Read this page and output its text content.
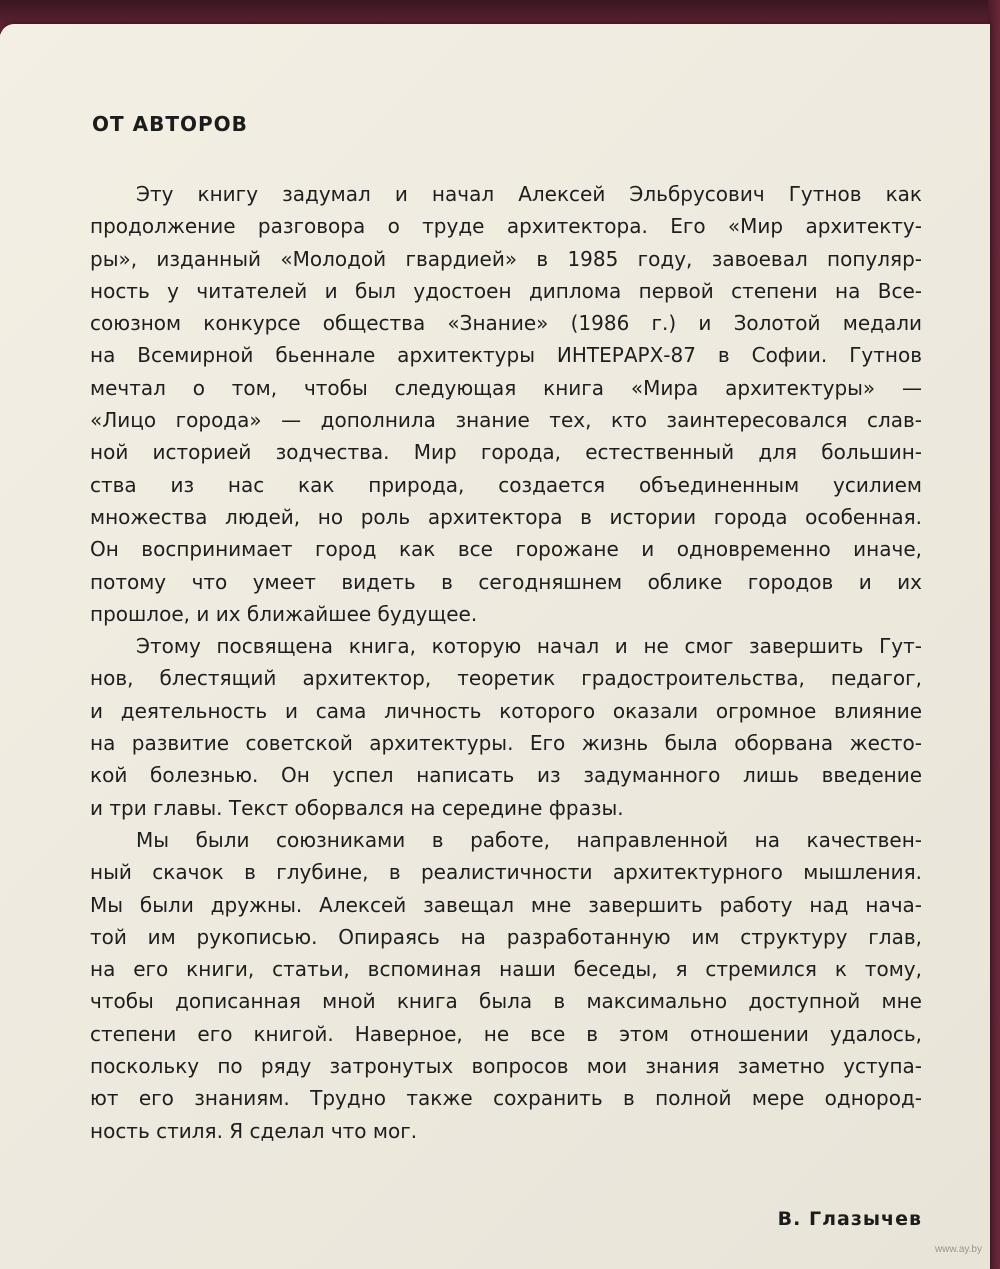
ОТ АВТОРОВ
Эту книгу задумал и начал Алексей Эльбрусович Гутнов как
продолжение разговора о труде архитектора. Его «Мир архитекту-
ры», изданный «Молодой гвардией» в 1985 году, завоевал популяр-
ность у читателей и был удостоен диплома первой степени на Все-
союзном конкурсе общества «Знание» (1986 г.) и Золотой медали
на Всемирной бьеннале архитектуры ИНТЕРАРХ-87 в Софии. Гутнов
мечтал о том, чтобы следующая книга «Мира архитектуры» —
«Лицо города» — дополнила знание тех, кто заинтересовался слав-
ной историей зодчества. Мир города, естественный для большин-
ства из нас как природа, создается объединенным усилием
множества людей, но роль архитектора в истории города особенная.
Он воспринимает город как все горожане и одновременно иначе,
потому что умеет видеть в сегодняшнем облике городов и их
прошлое, и их ближайшее будущее.
Этому посвящена книга, которую начал и не смог завершить Гут-
нов, блестящий архитектор, теоретик градостроительства, педагог,
и деятельность и сама личность которого оказали огромное влияние
на развитие советской архитектуры. Его жизнь была оборвана жесто-
кой болезнью. Он успел написать из задуманного лишь введение
и три главы. Текст оборвался на середине фразы.
Мы были союзниками в работе, направленной на качествен-
ный скачок в глубине, в реалистичности архитектурного мышления.
Мы были дружны. Алексей завещал мне завершить работу над нача-
той им рукописью. Опираясь на разработанную им структуру глав,
на его книги, статьи, вспоминая наши беседы, я стремился к тому,
чтобы дописанная мной книга была в максимально доступной мне
степени его книгой. Наверное, не все в этом отношении удалось,
поскольку по ряду затронутых вопросов мои знания заметно уступа-
ют его знаниям. Трудно также сохранить в полной мере однород-
ность стиля. Я сделал что мог.

В. Глазычев

www.ay.by
